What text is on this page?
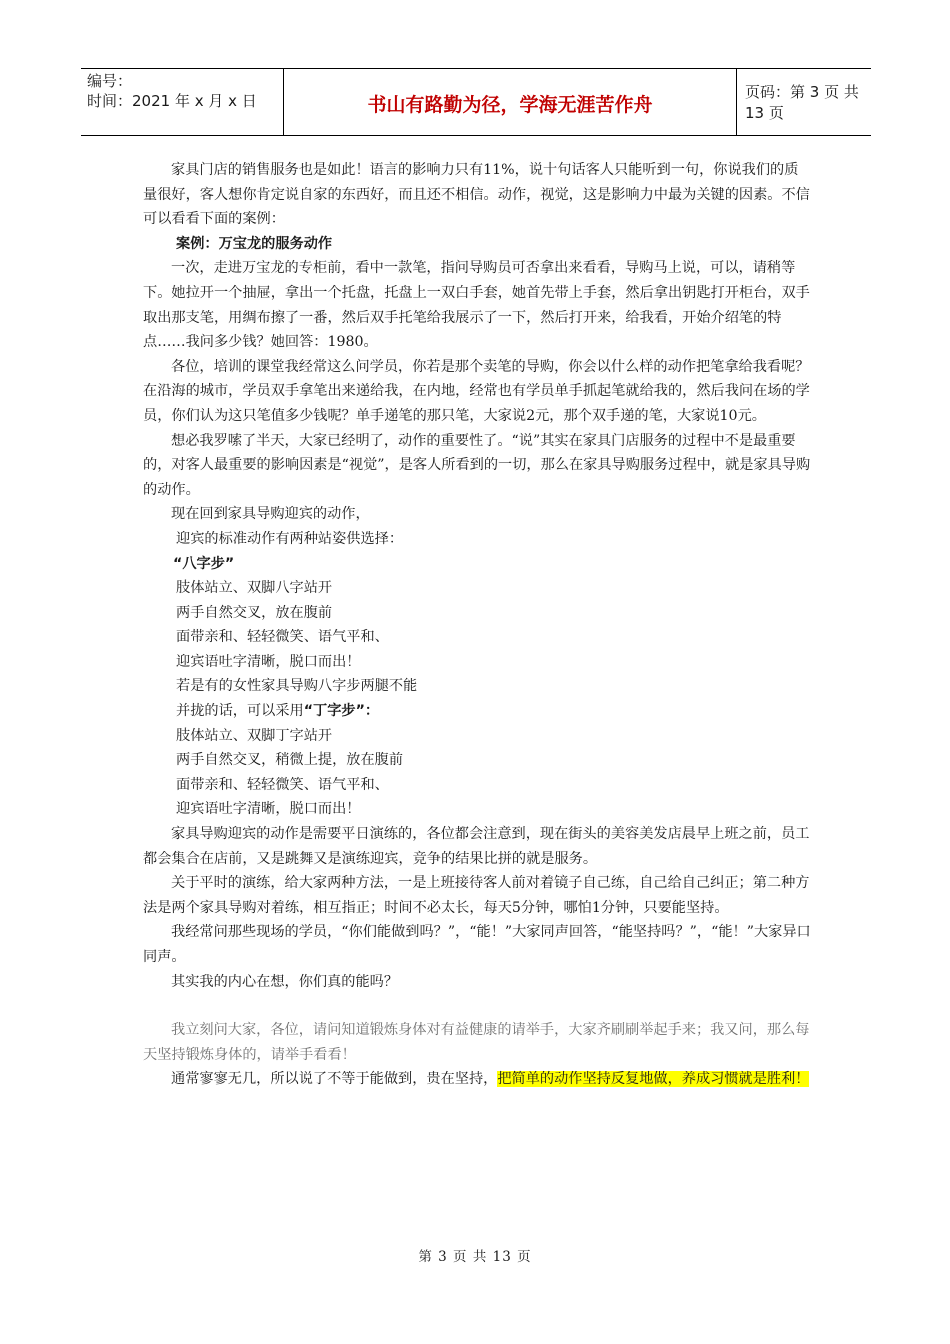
编号：
时间：2021 年 x 月 x 日	书山有路勤为径，学海无涯苦作舟
页码：第 3 页 共 13 页

家具门店的销售服务也是如此！语言的影响力只有11%，说十句话客人只能听到一句，你说我们的质量很好，客人想你肯定说自家的东西好，而且还不相信。动作，视觉，这是影响力中最为关键的因素。不信可以看看下面的案例：

案例：万宝龙的服务动作

一次，走进万宝龙的专柜前，看中一款笔，指问导购员可否拿出来看看，导购马上说，可以，请稍等下。她拉开一个抽屉，拿出一个托盘，托盘上一双白手套，她首先带上手套，然后拿出钥匙打开柜台，双手取出那支笔，用绸布擦了一番，然后双手托笔给我展示了一下，然后打开来，给我看，开始介绍笔的特点……我问多少钱？她回答：1980。

各位，培训的课堂我经常这么问学员，你若是那个卖笔的导购，你会以什么样的动作把笔拿给我看呢？在沿海的城市，学员双手拿笔出来递给我，在内地，经常也有学员单手抓起笔就给我的，然后我问在场的学员，你们认为这只笔值多少钱呢？单手递笔的那只笔，大家说2元，那个双手递的笔，大家说10元。

想必我罗嗦了半天，大家已经明了，动作的重要性了。“说”其实在家具门店服务的过程中不是最重要的，对客人最重要的影响因素是“视觉”，是客人所看到的一切，那么在家具导购服务过程中，就是家具导购的动作。

现在回到家具导购迎宾的动作，

迎宾的标准动作有两种站姿供选择：

“八字步”

肢体站立、双脚八字站开

两手自然交叉，放在腹前

面带亲和、轻轻微笑、语气平和、

迎宾语吐字清晰，脱口而出！

若是有的女性家具导购八字步两腿不能

并拢的话，可以采用“丁字步”：

肢体站立、双脚丁字站开

两手自然交叉，稍微上提，放在腹前

面带亲和、轻轻微笑、语气平和、

迎宾语吐字清晰，脱口而出！

家具导购迎宾的动作是需要平日演练的，各位都会注意到，现在街头的美容美发店晨早上班之前，员工都会集合在店前，又是跳舞又是演练迎宾，竞争的结果比拼的就是服务。

关于平时的演练，给大家两种方法，一是上班接待客人前对着镜子自己练，自己给自己纠正；第二种方法是两个家具导购对着练，相互指正；时间不必太长，每天5分钟，哪怕1分钟，只要能坚持。

我经常问那些现场的学员，“你们能做到吗？”，“能！”大家同声回答，“能坚持吗？”，“能！”大家异口同声。

其实我的内心在想，你们真的能吗？

我立刻问大家，各位，请问知道锻炼身体对有益健康的请举手，大家齐刷刷举起手来；我又问，那么每天坚持锻炼身体的，请举手看看！

通常寥寥无几，所以说了不等于能做到，贵在坚持，把简单的动作坚持反复地做，养成习惯就是胜利！

第 3 页 共 13 页
